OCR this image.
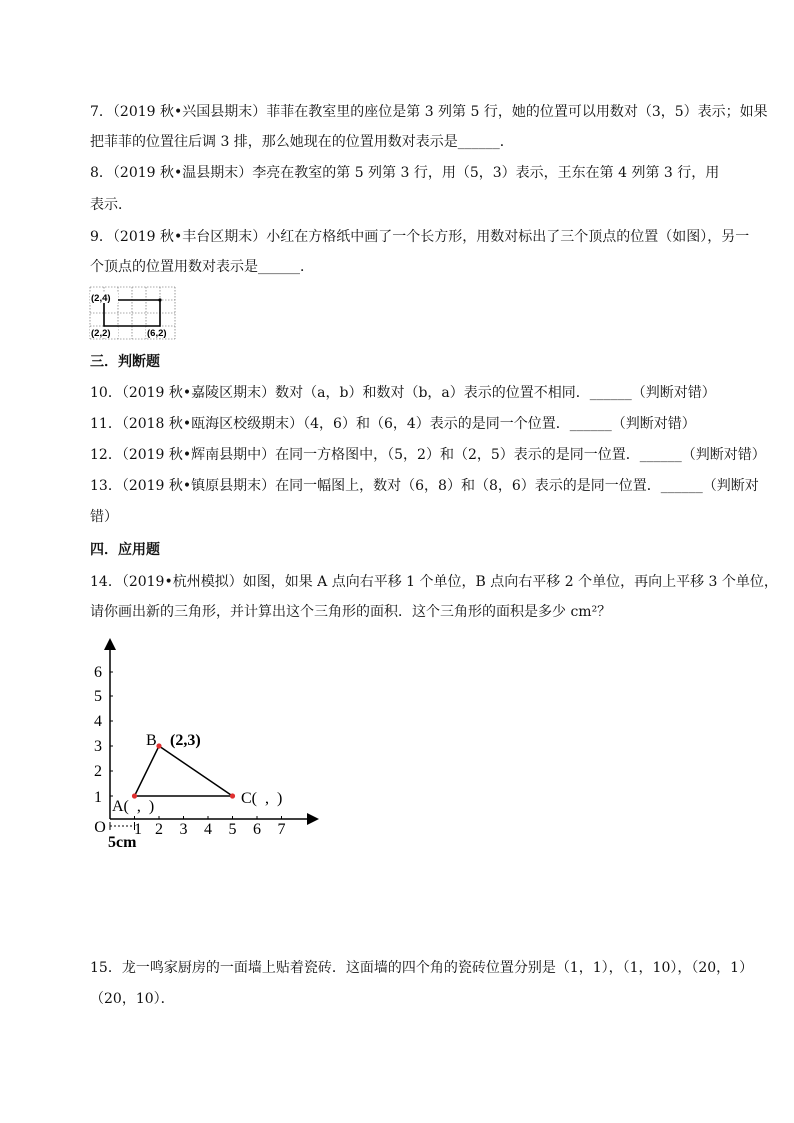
7．（2019 秋•兴国县期末）菲菲在教室里的座位是第 3 列第 5 行，她的位置可以用数对（3，5）表示；如果
把菲菲的位置往后调 3 排，那么她现在的位置用数对表示是______．
8．（2019 秋•温县期末）李亮在教室的第 5 列第 3 行，用（5，3）表示，王东在第 4 列第 3 行，用
表示．
9．（2019 秋•丰台区期末）小红在方格纸中画了一个长方形，用数对标出了三个顶点的位置（如图），另一
个顶点的位置用数对表示是______．
(2,4)
(2,2)	(6,2)
三．判断题
10．（2019 秋•嘉陵区期末）数对（a，b）和数对（b，a）表示的位置不相同．______（判断对错）
11．（2018 秋•瓯海区校级期末）（4，6）和（6，4）表示的是同一个位置．______（判断对错）
12．（2019 秋•辉南县期中）在同一方格图中，（5，2）和（2，5）表示的是同一位置．______（判断对错）
13．（2019 秋•镇原县期末）在同一幅图上，数对（6，8）和（8，6）表示的是同一位置．______（判断对
错）
四．应用题
14．（2019•杭州模拟）如图，如果 A 点向右平移 1 个单位，B 点向右平移 2 个单位，再向上平移 3 个单位，
请你画出新的三角形，并计算出这个三角形的面积．这个三角形的面积是多少 cm²？
6
5
4
3
2
1
O 1 2 3 4 5 6 7
5cm
B (2,3)
A(  ,  )	C(  ,  )
15．龙一鸣家厨房的一面墙上贴着瓷砖．这面墙的四个角的瓷砖位置分别是（1，1），（1，10），（20，1）
（20，10）．
